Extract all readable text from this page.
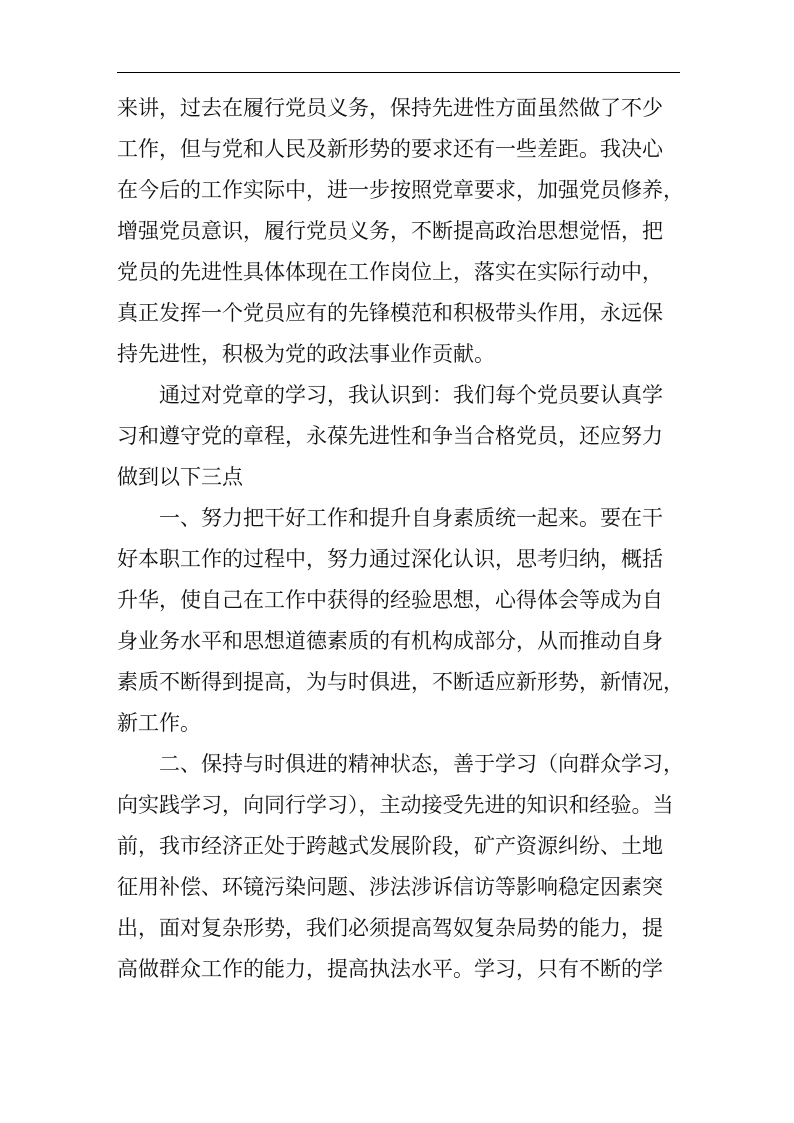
来讲，过去在履行党员义务，保持先进性方面虽然做了不少
工作，但与党和人民及新形势的要求还有一些差距。我决心
在今后的工作实际中，进一步按照党章要求，加强党员修养，
增强党员意识，履行党员义务，不断提高政治思想觉悟，把
党员的先进性具体体现在工作岗位上，落实在实际行动中，
真正发挥一个党员应有的先锋模范和积极带头作用，永远保
持先进性，积极为党的政法事业作贡献。
通过对党章的学习，我认识到：我们每个党员要认真学
习和遵守党的章程，永葆先进性和争当合格党员，还应努力
做到以下三点
一、努力把干好工作和提升自身素质统一起来。要在干
好本职工作的过程中，努力通过深化认识，思考归纳，概括
升华，使自己在工作中获得的经验思想，心得体会等成为自
身业务水平和思想道德素质的有机构成部分，从而推动自身
素质不断得到提高，为与时俱进，不断适应新形势，新情况，
新工作。
二、保持与时俱进的精神状态，善于学习（向群众学习，
向实践学习，向同行学习），主动接受先进的知识和经验。当
前，我市经济正处于跨越式发展阶段，矿产资源纠纷、土地
征用补偿、环镜污染问题、涉法涉诉信访等影响稳定因素突
出，面对复杂形势，我们必须提高驾奴复杂局势的能力，提
高做群众工作的能力，提高执法水平。学习，只有不断的学
